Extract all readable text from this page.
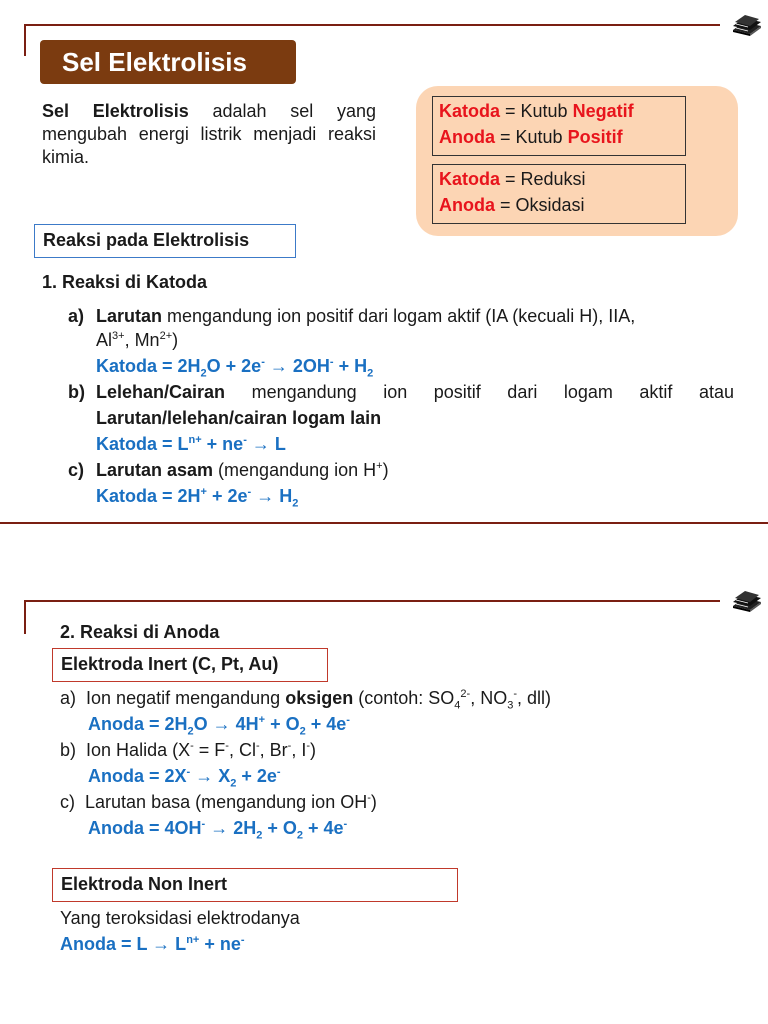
Sel Elektrolisis
Sel Elektrolisis adalah sel yang mengubah energi listrik menjadi reaksi kimia.
Katoda = Kutub Negatif
Anoda = Kutub Positif
Katoda = Reduksi
Anoda = Oksidasi
Reaksi pada Elektrolisis
1. Reaksi di Katoda
a) Larutan mengandung ion positif dari logam aktif (IA (kecuali H), IIA,
$Al^{3+}$, $Mn^{2+}$)
Katoda = $2H_2O + 2e^- \to 2OH^- + H_2$
b) Lelehan/Cairan mengandung ion positif dari logam aktif atau
Larutan/lelehan/cairan logam lain
Katoda = $L^{n+} + ne^- \to L$
c) Larutan asam (mengandung ion H+)
Katoda = $2H^+ + 2e^- \to H_2$
2. Reaksi di Anoda
Elektroda Inert (C, Pt, Au)
a) Ion negatif mengandung oksigen (contoh: $SO_4^{2-}$, $NO_3^-$, dll)
Anoda = $2H_2O \to 4H^+ + O_2 + 4e^-$
b) Ion Halida (X- = F-, Cl-, Br-, I-)
Anoda = $2X^- \to X_2 + 2e^-$
c) Larutan basa (mengandung ion OH-)
Anoda = $4OH^- \to 2H_2 + O_2 + 4e^-$
Elektroda Non Inert
Yang teroksidasi elektrodanya
Anoda = $L \to L^{n+} + ne^-$
